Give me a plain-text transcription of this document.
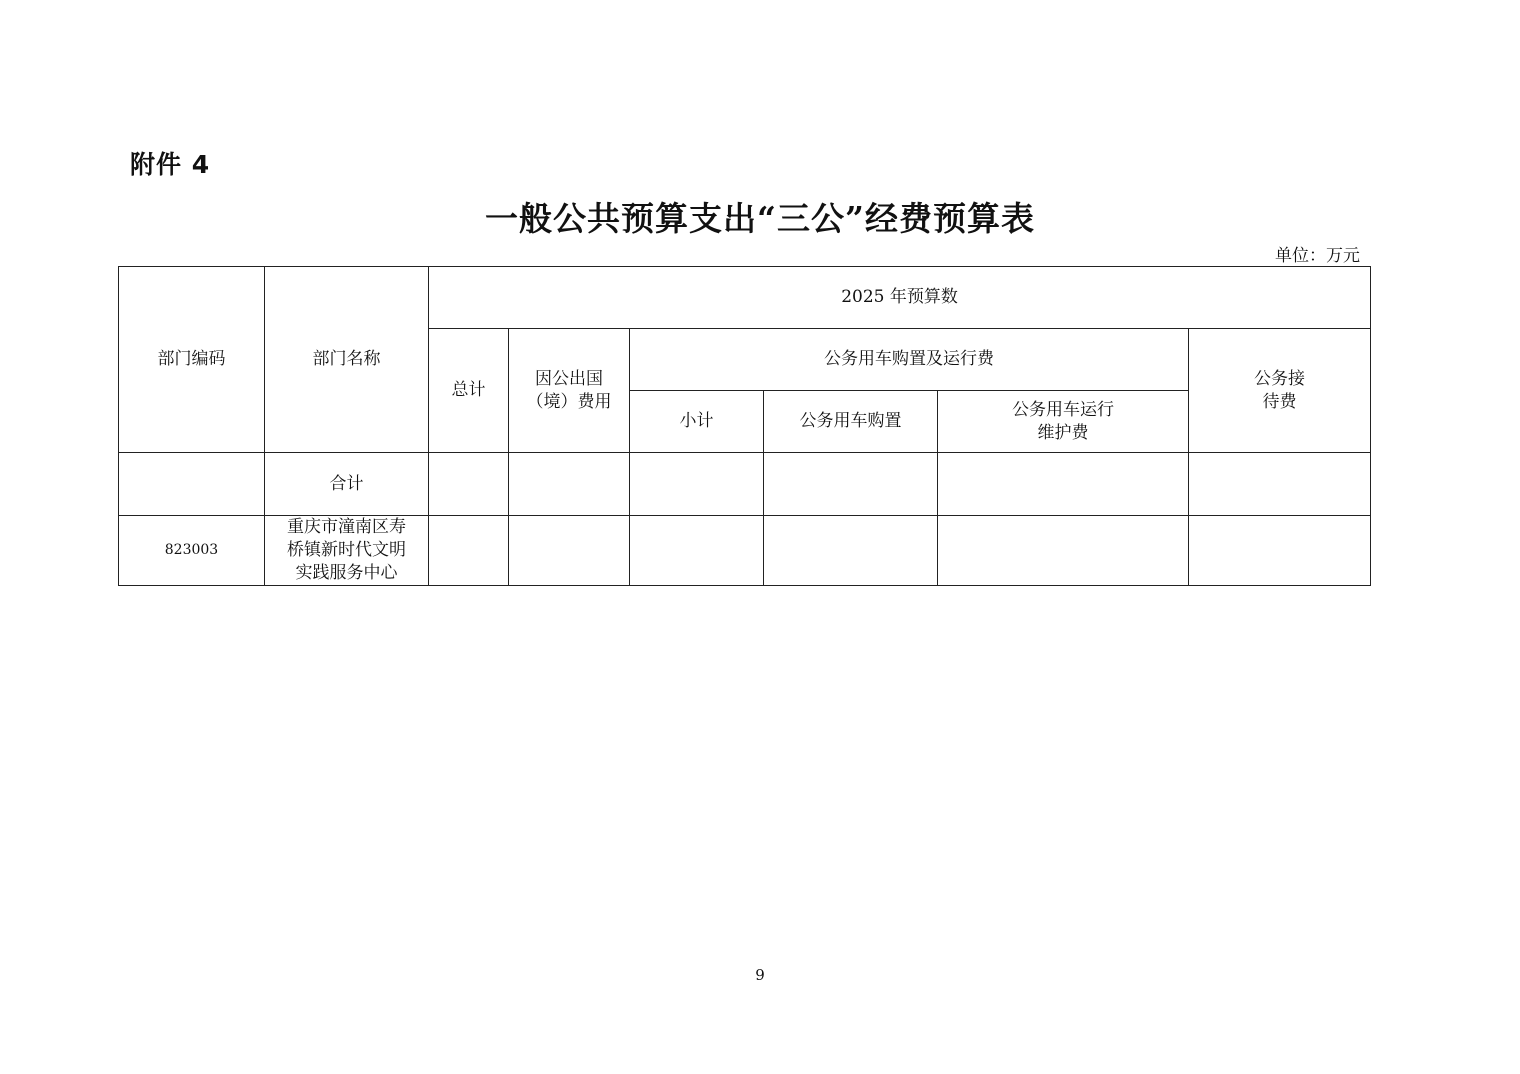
附件 4
一般公共预算支出“三公”经费预算表
单位：万元
部门编码	部门名称	2025 年预算数					
		总计	因公出国（境）费用	公务用车购置及运行费			公务接待费
				小计	公务用车购置	公务用车运行维护费	
	合计						
823003	重庆市潼南区寿桥镇新时代文明实践服务中心						
9
